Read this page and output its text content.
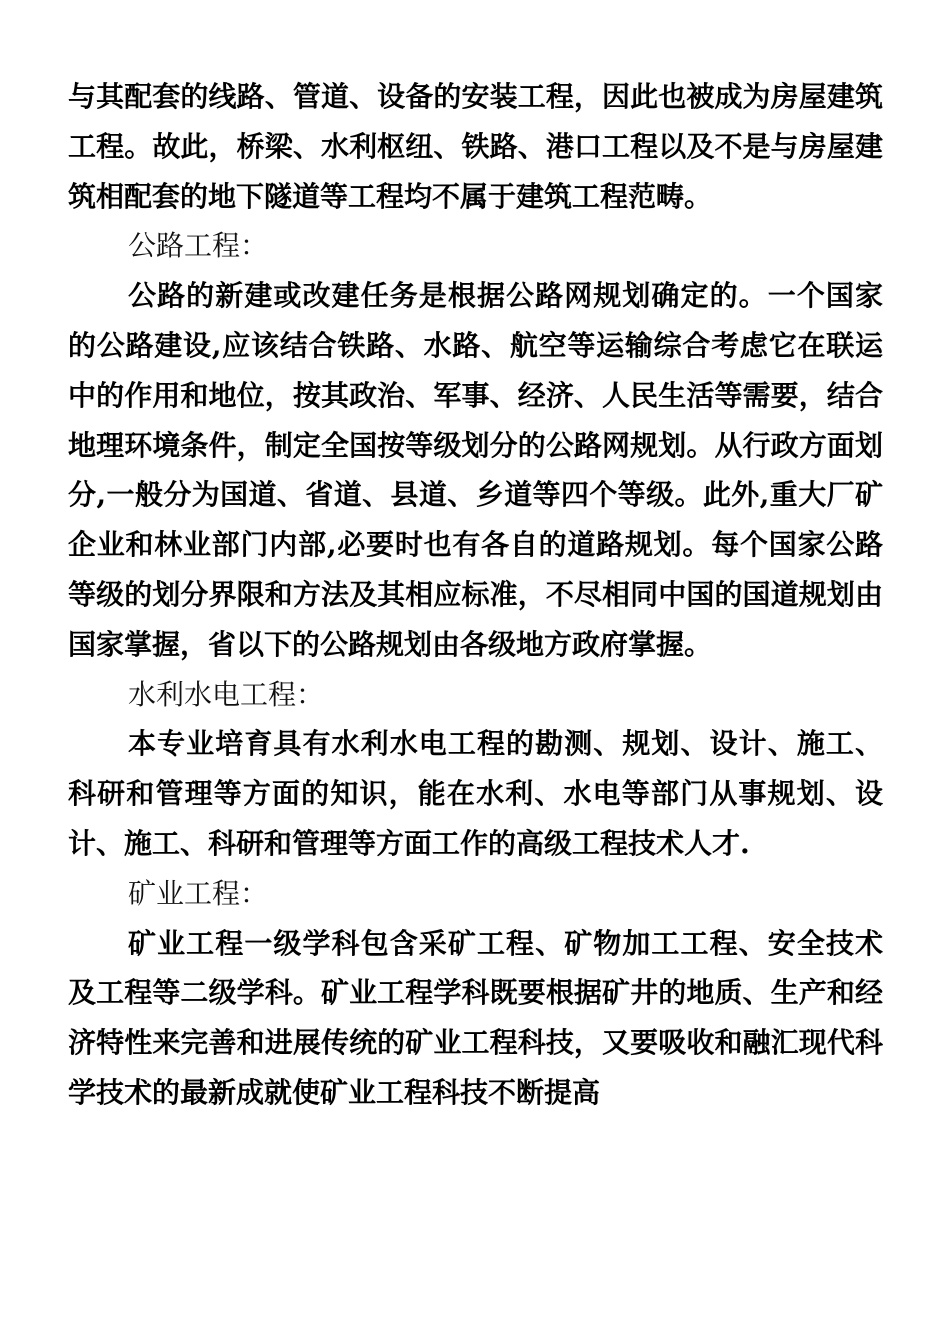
与其配套的线路、管道、设备的安装工程，因此也被成为房屋建筑工程。故此，桥梁、水利枢纽、铁路、港口工程以及不是与房屋建筑相配套的地下隧道等工程均不属于建筑工程范畴。

公路工程：

公路的新建或改建任务是根据公路网规划确定的。一个国家的公路建设,应该结合铁路、水路、航空等运输综合考虑它在联运中的作用和地位，按其政治、军事、经济、人民生活等需要，结合地理环境条件，制定全国按等级划分的公路网规划。从行政方面划分,一般分为国道、省道、县道、乡道等四个等级。此外,重大厂矿企业和林业部门内部,必要时也有各自的道路规划。每个国家公路等级的划分界限和方法及其相应标准，不尽相同中国的国道规划由国家掌握，省以下的公路规划由各级地方政府掌握。

水利水电工程：

本专业培育具有水利水电工程的勘测、规划、设计、施工、科研和管理等方面的知识，能在水利、水电等部门从事规划、设计、施工、科研和管理等方面工作的高级工程技术人才.

矿业工程：

矿业工程一级学科包含采矿工程、矿物加工工程、安全技术及工程等二级学科。矿业工程学科既要根据矿井的地质、生产和经济特性来完善和进展传统的矿业工程科技，又要吸收和融汇现代科学技术的最新成就使矿业工程科技不断提高
